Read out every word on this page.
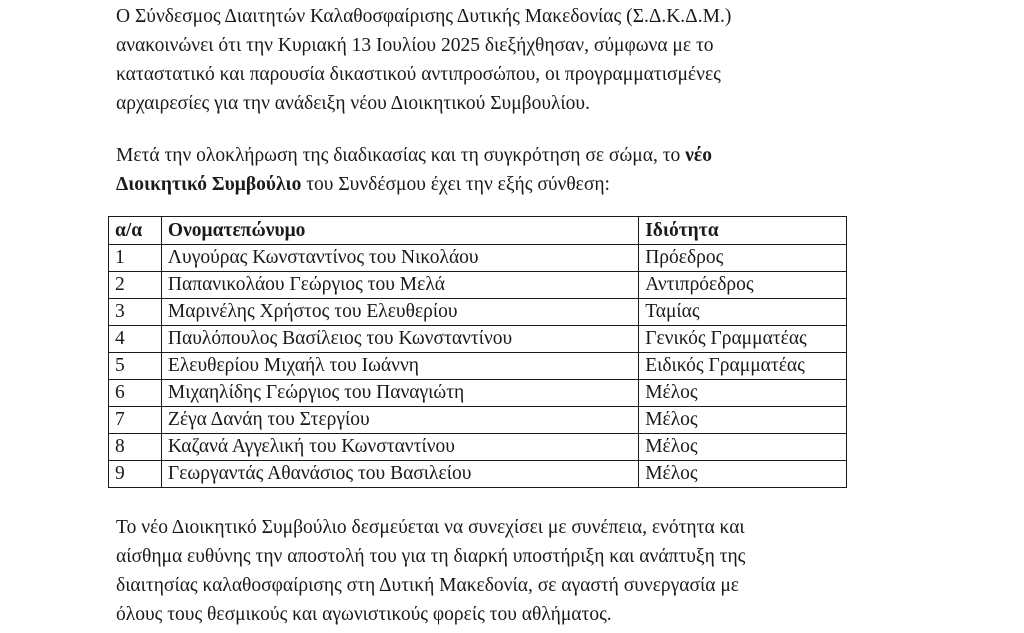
Ο Σύνδεσμος Διαιτητών Καλαθοσφαίρισης Δυτικής Μακεδονίας (Σ.Δ.Κ.Δ.Μ.)
ανακοινώνει ότι την Κυριακή 13 Ιουλίου 2025 διεξήχθησαν, σύμφωνα με το
καταστατικό και παρουσία δικαστικού αντιπροσώπου, οι προγραμματισμένες
αρχαιρεσίες για την ανάδειξη νέου Διοικητικού Συμβουλίου.

Μετά την ολοκλήρωση της διαδικασίας και τη συγκρότηση σε σώμα, το νέο
Διοικητικό Συμβούλιο του Συνδέσμου έχει την εξής σύνθεση:

α/α	Ονοματεπώνυμο	Ιδιότητα
1	Λυγούρας Κωνσταντίνος του Νικολάου	Πρόεδρος
2	Παπανικολάου Γεώργιος του Μελά	Αντιπρόεδρος
3	Μαρινέλης Χρήστος του Ελευθερίου	Ταμίας
4	Παυλόπουλος Βασίλειος του Κωνσταντίνου	Γενικός Γραμματέας
5	Ελευθερίου Μιχαήλ του Ιωάννη	Ειδικός Γραμματέας
6	Μιχαηλίδης Γεώργιος του Παναγιώτη	Μέλος
7	Ζέγα Δανάη του Στεργίου	Μέλος
8	Καζανά Αγγελική του Κωνσταντίνου	Μέλος
9	Γεωργαντάς Αθανάσιος του Βασιλείου	Μέλος

Το νέο Διοικητικό Συμβούλιο δεσμεύεται να συνεχίσει με συνέπεια, ενότητα και
αίσθημα ευθύνης την αποστολή του για τη διαρκή υποστήριξη και ανάπτυξη της
διαιτησίας καλαθοσφαίρισης στη Δυτική Μακεδονία, σε αγαστή συνεργασία με
όλους τους θεσμικούς και αγωνιστικούς φορείς του αθλήματος.
